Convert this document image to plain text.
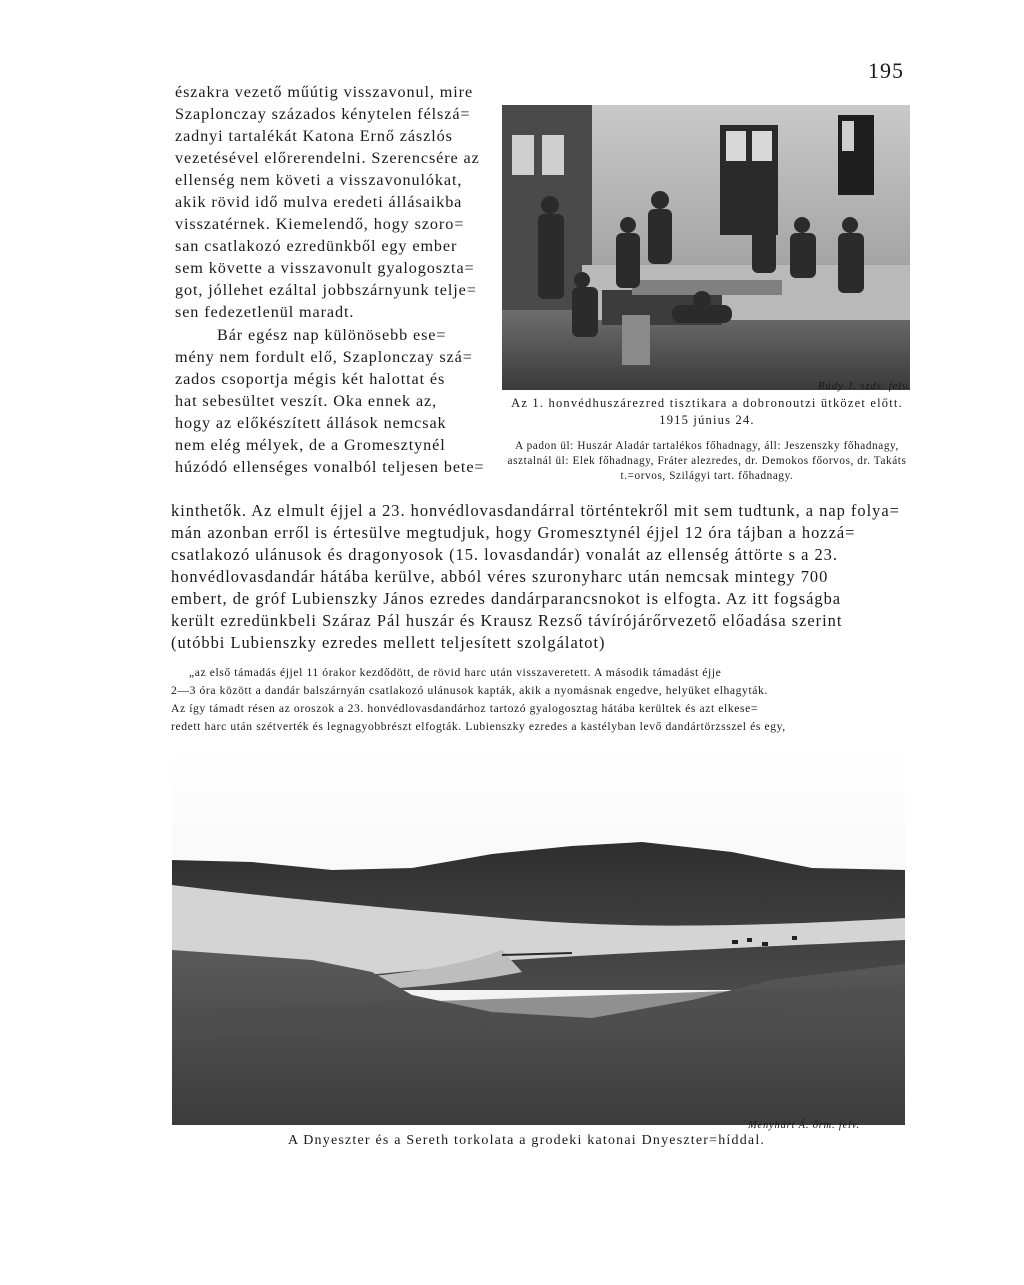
195
északra vezető műútig visszavonul, mire
Szaplonczay százados kénytelen félszá=
zadnyi tartalékát Katona Ernő zászlós
vezetésével előrerendelni. Szerencsére az
ellenség nem követi a visszavonulókat,
akik rövid idő mulva eredeti állásaikba
visszatérnek. Kiemelendő, hogy szoro=
san csatlakozó ezredünkből egy ember
sem követte a visszavonult gyalogoszta=
got, jóllehet ezáltal jobbszárnyunk telje=
sen fedezetlenül maradt.
Bár egész nap különösebb ese=
mény nem fordult elő, Szaplonczay szá=
zados csoportja mégis két halottat és
hat sebesültet veszít. Oka ennek az,
hogy az előkészített állások nemcsak
nem elég mélyek, de a Gromesztynél
húzódó ellenséges vonalból teljesen bete=
Rády J. szds. felv.
Az 1. honvédhuszárezred tisztikara a dobronoutzi ütközet előtt.
1915 június 24.
A padon ül: Huszár Aladár tartalékos főhadnagy, áll: Jeszenszky főhadnagy,
asztalnál ül: Elek főhadnagy, Fráter alezredes, dr. Demokos főorvos, dr. Takáts
t.=orvos, Szilágyi tart. főhadnagy.
kinthetők. Az elmult éjjel a 23. honvédlovasdandárral történtekről mit sem tudtunk, a nap folya=
mán azonban erről is értesülve megtudjuk, hogy Gromesztynél éjjel 12 óra tájban a hozzá=
csatlakozó ulánusok és dragonyosok (15. lovasdandár) vonalát az ellenség áttörte s a 23.
honvédlovasdandár hátába kerülve, abból véres szuronyharc után nemcsak mintegy 700
embert, de gróf Lubienszky János ezredes dandárparancsnokot is elfogta. Az itt fogságba
került ezredünkbeli Száraz Pál huszár és Krausz Rezső távírójárőrvezető előadása szerint
(utóbbi Lubienszky ezredes mellett teljesített szolgálatot)
„az első támadás éjjel 11 órakor kezdődött, de rövid harc után visszaveretett. A második támadást éjje
2—3 óra között a dandár balszárnyán csatlakozó ulánusok kapták, akik a nyomásnak engedve, helyüket elhagyták.
Az így támadt résen az oroszok a 23. honvédlovasdandárhoz tartozó gyalogosztag hátába kerültek és azt elkese=
redett harc után szétverték és legnagyobbrészt elfogták. Lubienszky ezredes a kastélyban levő dandártörzsszel és egy,
Menyhárt Á. őrm. felv.
A Dnyeszter és a Sereth torkolata a grodeki katonai Dnyeszter=híddal.
